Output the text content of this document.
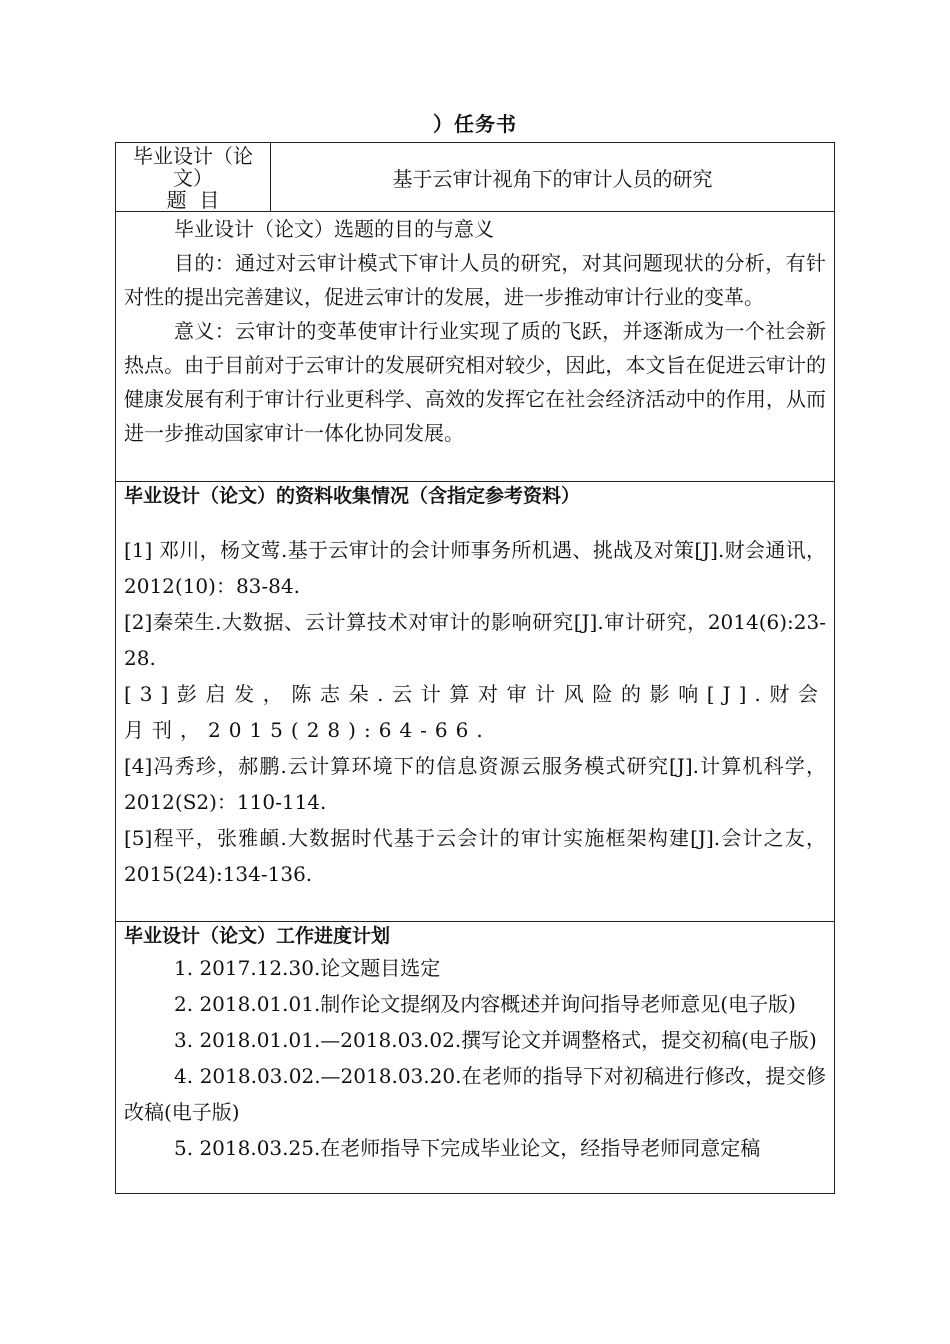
）任务书
毕业设计（论
文）
题  目
	基于云审计视角下的审计人员的研究

毕业设计（论文）选题的目的与意义

目的：通过对云审计模式下审计人员的研究，对其问题现状的分析，有针对性的提出完善建议，促进云审计的发展，进一步推动审计行业的变革。

意义：云审计的变革使审计行业实现了质的飞跃，并逐渐成为一个社会新热点。由于目前对于云审计的发展研究相对较少，因此，本文旨在促进云审计的健康发展有利于审计行业更科学、高效的发挥它在社会经济活动中的作用，从而进一步推动国家审计一体化协同发展。

毕业设计（论文）的资料收集情况（含指定参考资料）

[1] 邓川，杨文莺.基于云审计的会计师事务所机遇、挑战及对策[J].财会通讯，2012(10)：83-84.

[2]秦荣生.大数据、云计算技术对审计的影响研究[J].审计研究，2014(6):23-28.

[3]彭启发，陈志朵.云计算对审计风险的影响[J].财会月刊，2015(28):64-66.

[4]冯秀珍，郝鹏.云计算环境下的信息资源云服务模式研究[J].计算机科学，2012(S2)：110-114.

[5]程平，张雅頔.大数据时代基于云会计的审计实施框架构建[J].会计之友，2015(24):134-136.

毕业设计（论文）工作进度计划

1. 2017.12.30.论文题目选定

2. 2018.01.01.制作论文提纲及内容概述并询问指导老师意见(电子版)

3. 2018.01.01.—2018.03.02.撰写论文并调整格式，提交初稿(电子版)

4. 2018.03.02.—2018.03.20.在老师的指导下对初稿进行修改，提交修改稿(电子版)

5. 2018.03.25.在老师指导下完成毕业论文，经指导老师同意定稿
